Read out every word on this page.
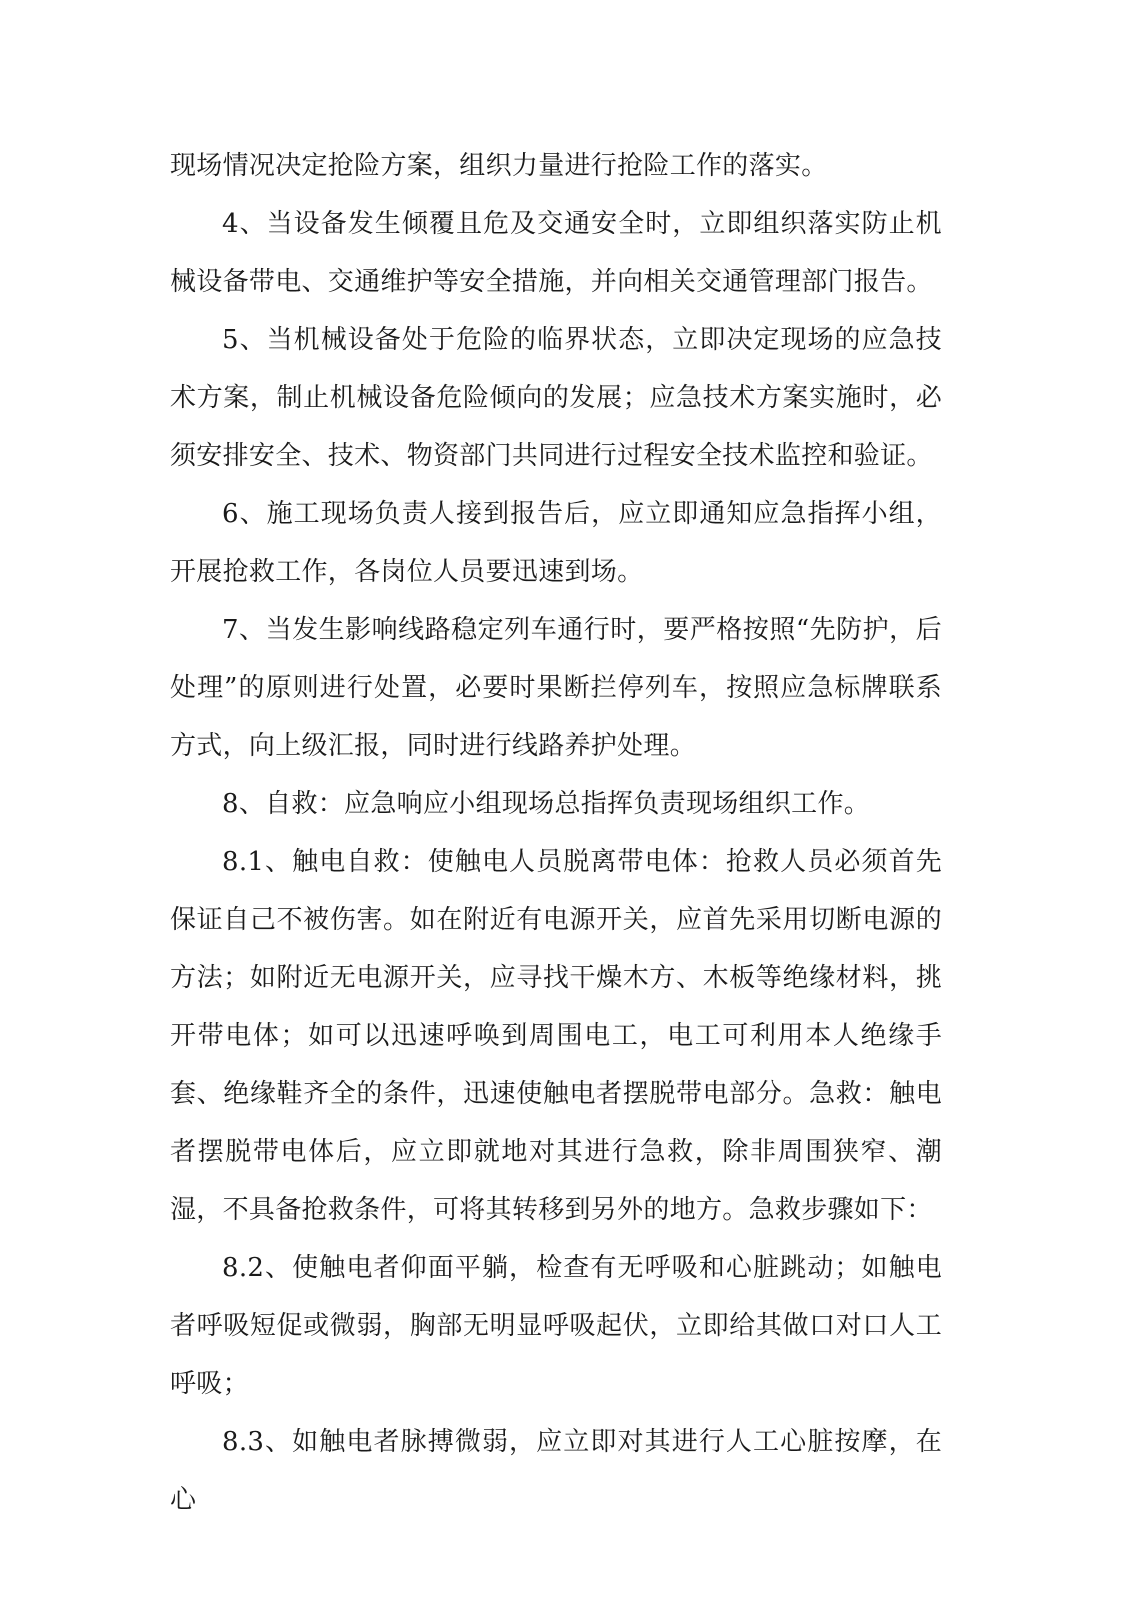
现场情况决定抢险方案，组织力量进行抢险工作的落实。

4、当设备发生倾覆且危及交通安全时，立即组织落实防止机械设备带电、交通维护等安全措施，并向相关交通管理部门报告。

5、当机械设备处于危险的临界状态，立即决定现场的应急技术方案，制止机械设备危险倾向的发展；应急技术方案实施时，必须安排安全、技术、物资部门共同进行过程安全技术监控和验证。

6、施工现场负责人接到报告后，应立即通知应急指挥小组，开展抢救工作，各岗位人员要迅速到场。

7、当发生影响线路稳定列车通行时，要严格按照“先防护，后处理”的原则进行处置，必要时果断拦停列车，按照应急标牌联系方式，向上级汇报，同时进行线路养护处理。

8、自救：应急响应小组现场总指挥负责现场组织工作。

8.1、触电自救：使触电人员脱离带电体：抢救人员必须首先保证自己不被伤害。如在附近有电源开关，应首先采用切断电源的方法；如附近无电源开关，应寻找干燥木方、木板等绝缘材料，挑开带电体；如可以迅速呼唤到周围电工，电工可利用本人绝缘手套、绝缘鞋齐全的条件，迅速使触电者摆脱带电部分。急救：触电者摆脱带电体后，应立即就地对其进行急救，除非周围狭窄、潮湿，不具备抢救条件，可将其转移到另外的地方。急救步骤如下：

8.2、使触电者仰面平躺，检查有无呼吸和心脏跳动；如触电者呼吸短促或微弱，胸部无明显呼吸起伏，立即给其做口对口人工呼吸；

8.3、如触电者脉搏微弱，应立即对其进行人工心脏按摩，在心
